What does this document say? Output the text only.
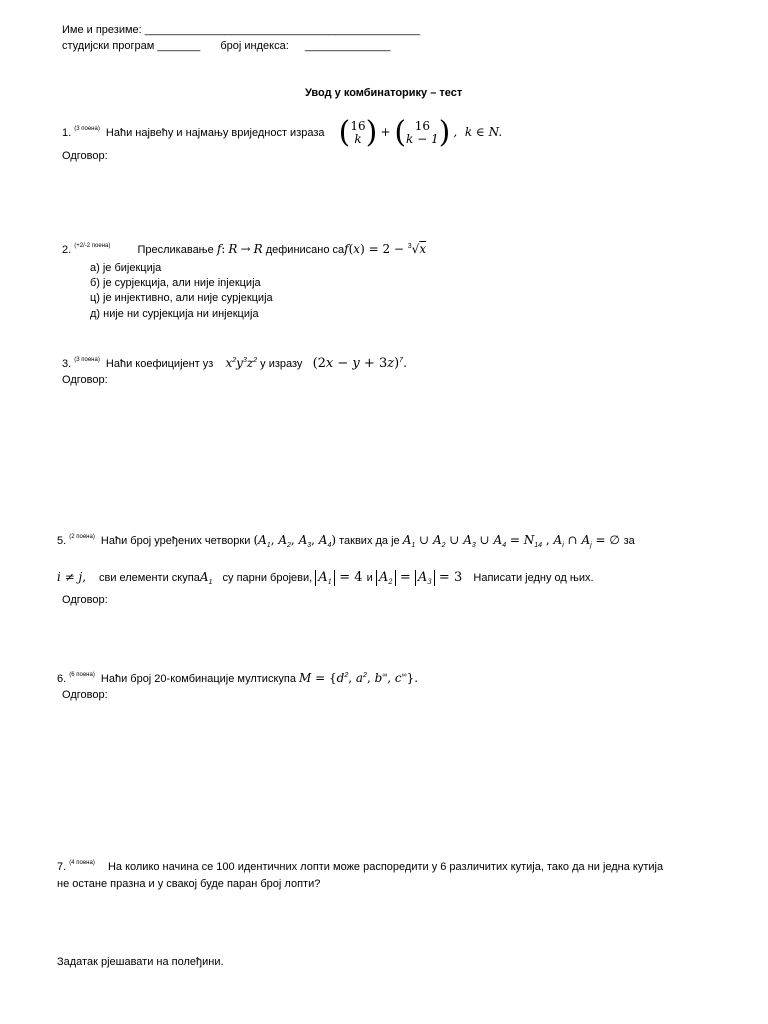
Име и презиме: _____________________________________________
студијски програм _______ број индекса: ______________
Увод у комбинаторику – тест
1. $^{(3 поена)}$ Наћи највећу и најмању вриједност израза (16
k ) + ( 16
k − 1) ,  k ∈ N.
Одговор:
2. $^{(+2/-2 поена)}$ Пресликавање f: R → R дефинисано саf(x) = 2 − $^3$√x
а) је бијекција
б) је сурјекција, али није injeкција
ц) је инјективно, али није сурјекција
д) није ни сурјекција ни инјекција
3. $^{(3 поена)}$ Наћи коефицијент уз $x^2y^3z^2$ у изразу $(2x - y + 3z)^7$.
Одговор:
5. $^{(2 поена)}$ Наћи број уређених четворки ($A_1$, $A_2$, $A_3$, $A_4$) таквих да је $A_1$ ∪ $A_2$ ∪ $A_3$ ∪ $A_4 = N_{14}$ , $A_i$ ∩ $A_j$ = ∅ за
i ≠ j,  сви елементи скупаA$_1$ су парни бројеви, $A_1 = 4$ и $A_2 = A_3 = 3$  Написати једну од њих.
Одговор:
6. $^{(6 поена)}$ Наћи број 20-комбинације мултискупа $M = \{d^2$, $a^2$, b∞, c∞}.
Одговор:
7. $^{(4 поена)}$ На колико начина се 100 идентичних лопти може распоредити у 6 различитих кутија, тако да ни једна кутија
не остане празна и у свакој буде паран број лопти?
Задатак рјешавати на полеђини.
